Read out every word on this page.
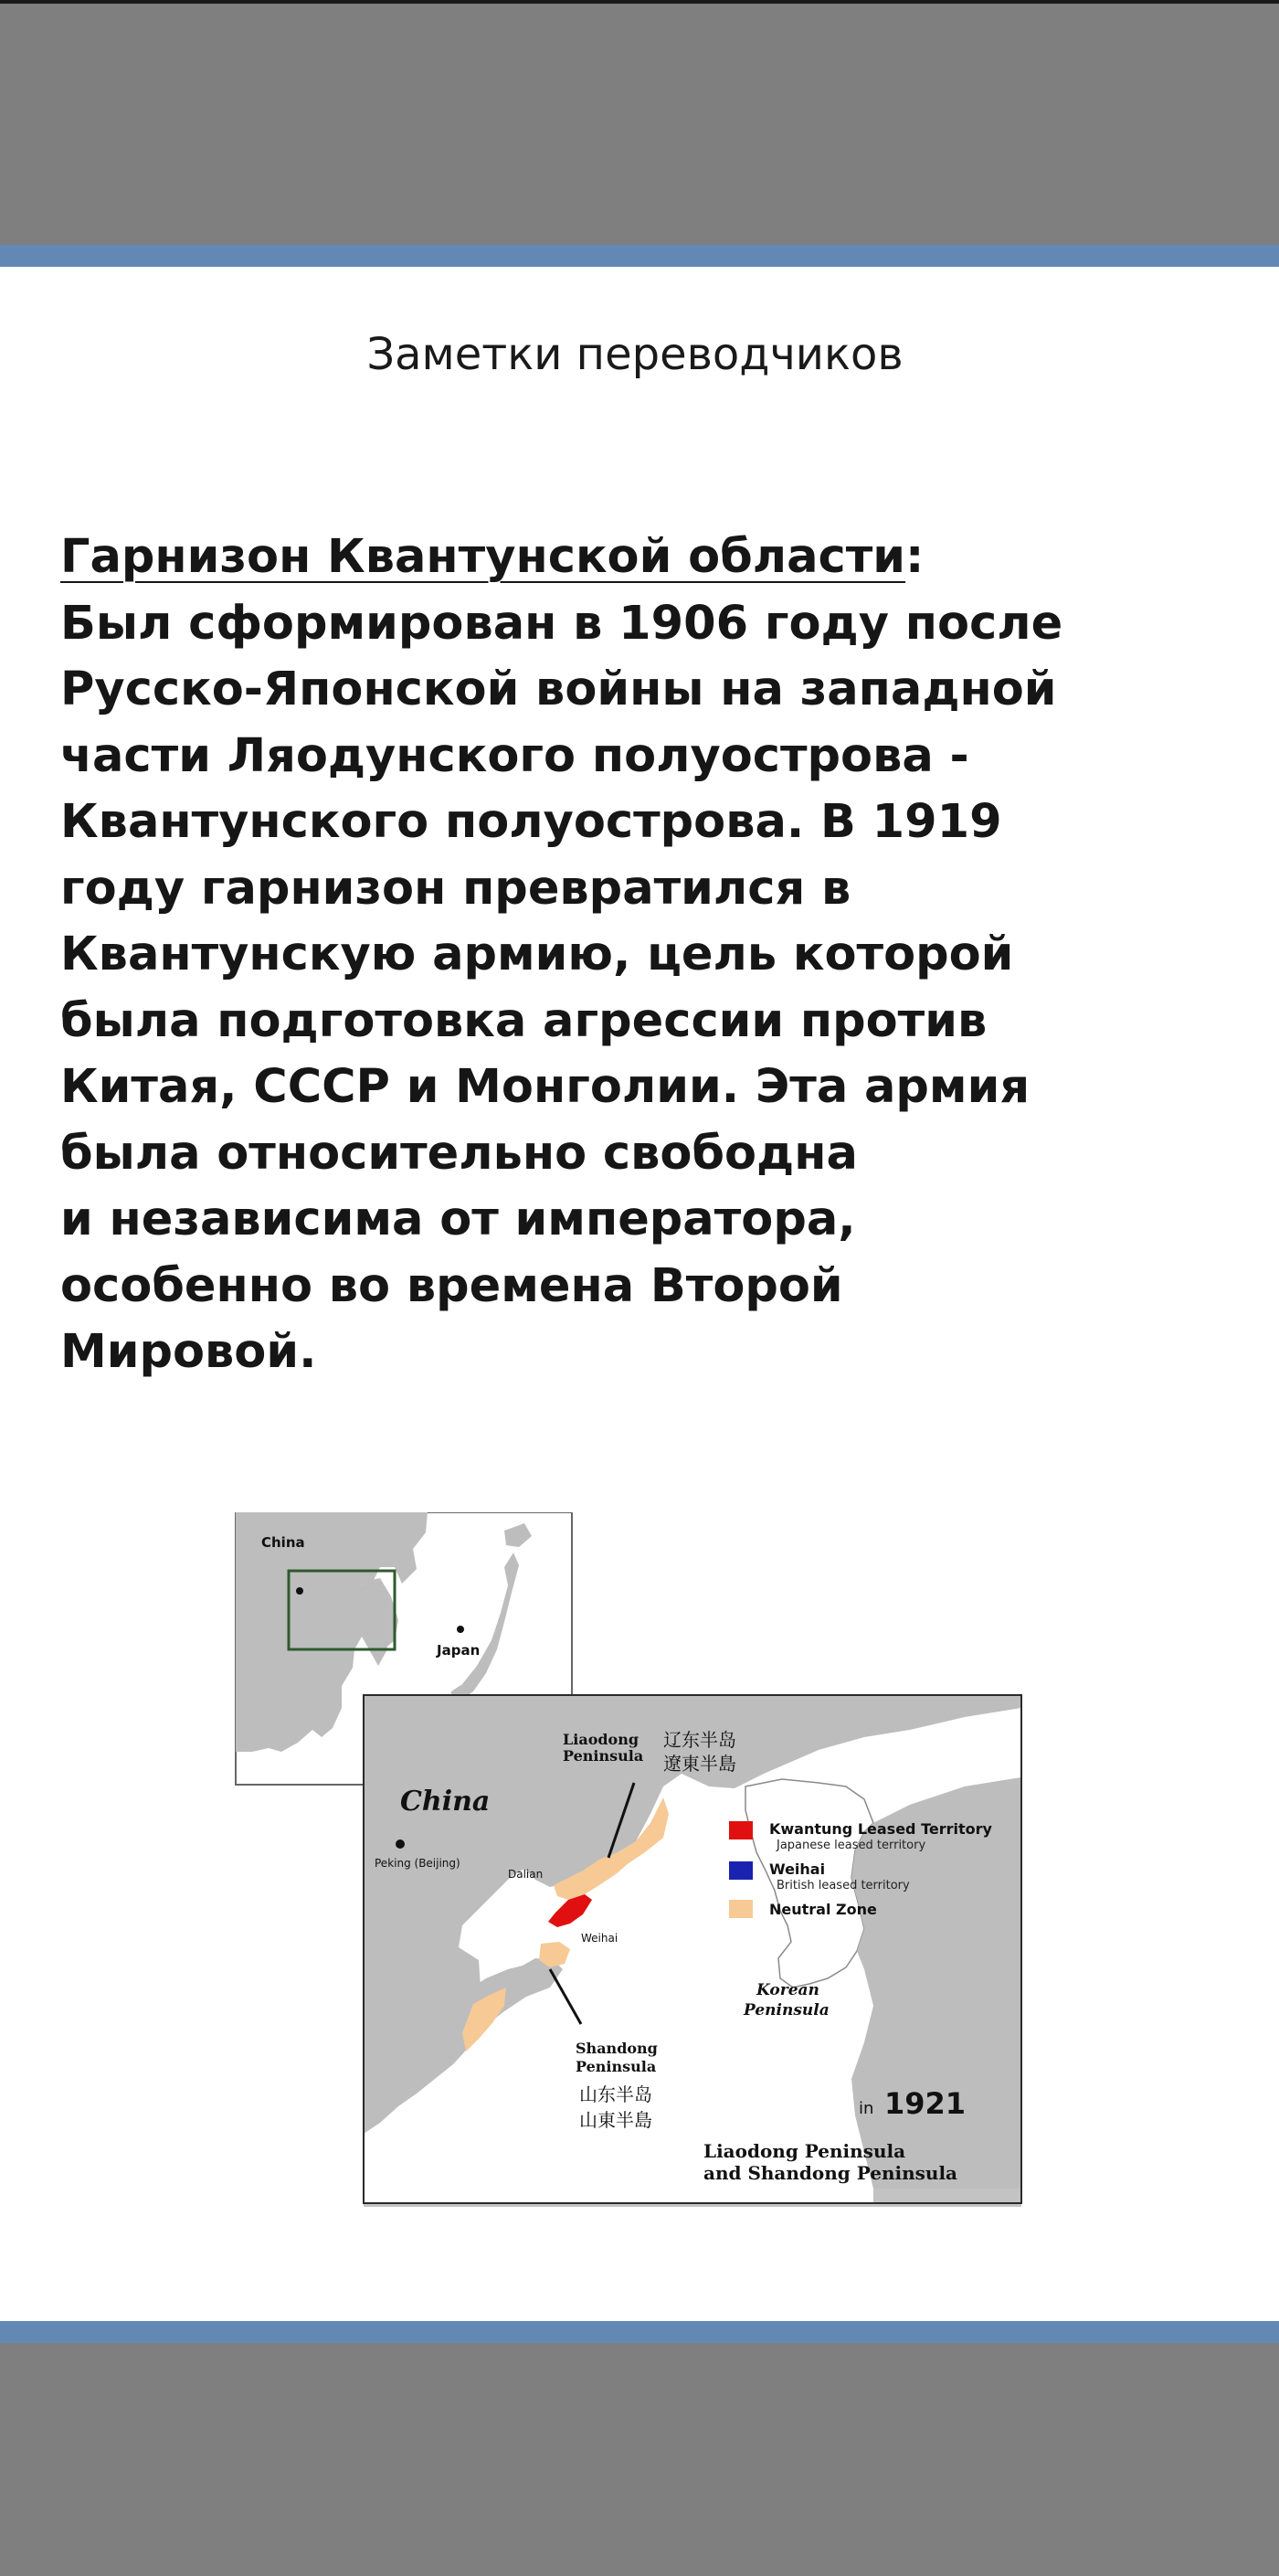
Заметки переводчиков
Гарнизон Квантунской области:
Был сформирован в 1906 году после
Русско-Японской войны на западной
части Ляодунского полуострова -
Квантунского полуострова. В 1919
году гарнизон превратился в
Квантунскую армию, цель которой
была подготовка агрессии против
Китая, СССР и Монголии. Эта армия
была относительно свободна
и независима от императора,
особенно во времена Второй
Мировой.
China
Japan
China
Peking (Beijing)
Dalian
Weihai
Liaodong
Peninsula
辽东半岛
遼東半島
Shandong
Peninsula
山东半岛
山東半島
Korean
Peninsula
Kwantung Leased Territory
Japanese leased territory
Weihai
British leased territory
Neutral Zone
in 1921
Liaodong Peninsula
and Shandong Peninsula
